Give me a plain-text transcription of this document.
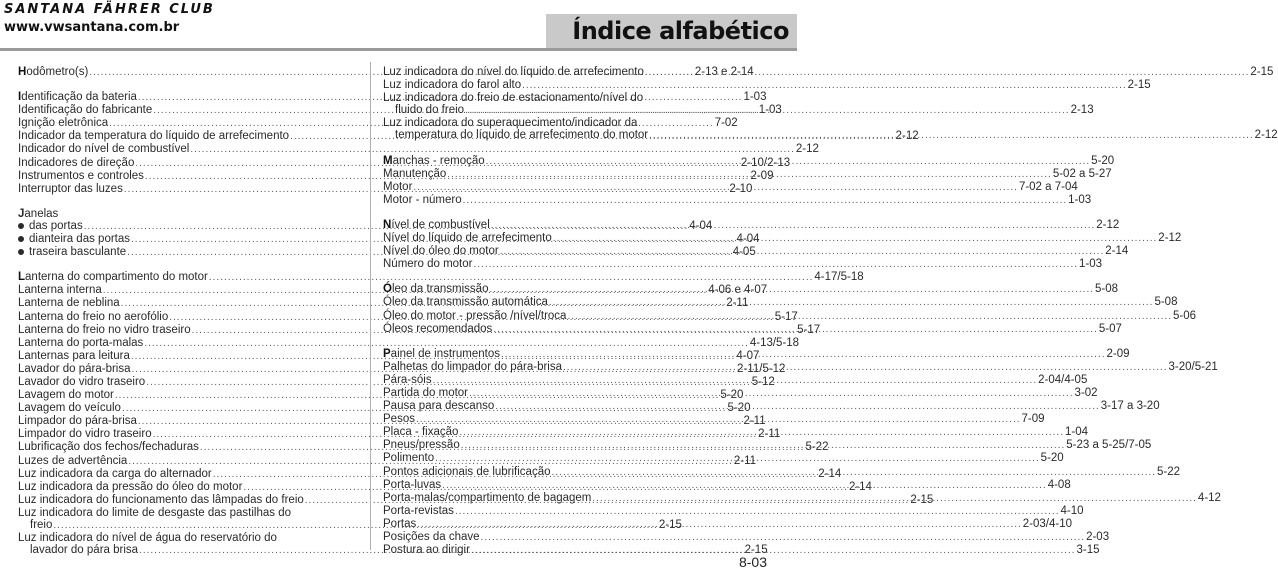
SANTANA FÄHRER CLUB
www.vwsantana.com.br	Índice alfabético
Hodômetro(s) .....	2-13 e 2-14
Identificação da bateria .....	1-03
Identificação do fabricante .....	1-03
Ignição eletrônica .....	7-02
Indicador da temperatura do líquido de arrefecimento .....	2-12
Indicador do nível de combustível .....	2-12
Indicadores de direção .....	2-10/2-13
Instrumentos e controles .....	2-09
Interruptor das luzes .....	2-10
Janelas
das portas .....	4-04
dianteira das portas .....	4-04
traseira basculante .....	4-05
Lanterna do compartimento do motor .....	4-17/5-18
Lanterna interna .....	4-06 e 4-07
Lanterna de neblina .....	2-11
Lanterna do freio no aerofólio .....	5-17
Lanterna do freio no vidro traseiro .....	5-17
Lanterna do porta-malas .....	4-13/5-18
Lanternas para leitura .....	4-07
Lavador do pára-brisa .....	2-11/5-12
Lavador do vidro traseiro .....	5-12
Lavagem do motor .....	5-20
Lavagem do veículo .....	5-20
Limpador do pára-brisa .....	2-11
Limpador do vidro traseiro .....	2-11
Lubrificação dos fechos/fechaduras .....	5-22
Luzes de advertência .....	2-11
Luz indicadora da carga do alternador .....	2-14
Luz indicadora da pressão do óleo do motor .....	2-14
Luz indicadora do funcionamento das lâmpadas do freio .....	2-15
Luz indicadora do limite de desgaste das pastilhas do
freio .....	2-15
Luz indicadora do nível de água do reservatório do
lavador do pára brisa .....	2-15
Luz indicadora do nível do líquido de arrefecimento .....	2-15
Luz indicadora do farol alto .....	2-15
Luz indicadora do freio de estacionamento/nível do
fluido do freio .....	2-13
Luz indicadora do superaquecimento/indicador da
temperatura do líquido de arrefecimento do motor .....	2-12
Manchas - remoção .....	5-20
Manutenção .....	5-02 a 5-27
Motor .....	7-02 a 7-04
Motor - número .....	1-03
Nível de combustível .....	2-12
Nível do líquido de arrefecimento .....	2-12
Nível do óleo do motor .....	2-14
Número do motor .....	1-03
Óleo da transmissão .....	5-08
Óleo da transmissão automática .....	5-08
Óleo do motor - pressão /nível/troca .....	5-06
Óleos recomendados .....	5-07
Painel de instrumentos .....	2-09
Palhetas do limpador do pára-brisa .....	3-20/5-21
Pára-sóis .....	2-04/4-05
Partida do motor .....	3-02
Pausa para descanso .....	3-17 a 3-20
Pesos .....	7-09
Placa - fixação .....	1-04
Pneus/pressão .....	5-23 a 5-25/7-05
Polimento .....	5-20
Pontos adicionais de lubrificação .....	5-22
Porta-luvas .....	4-08
Porta-malas/compartimento de bagagem .....	4-12
Porta-revistas .....	4-10
Portas .....	2-03/4-10
Posições da chave .....	2-03
Postura ao dirigir .....	3-15
8-03
